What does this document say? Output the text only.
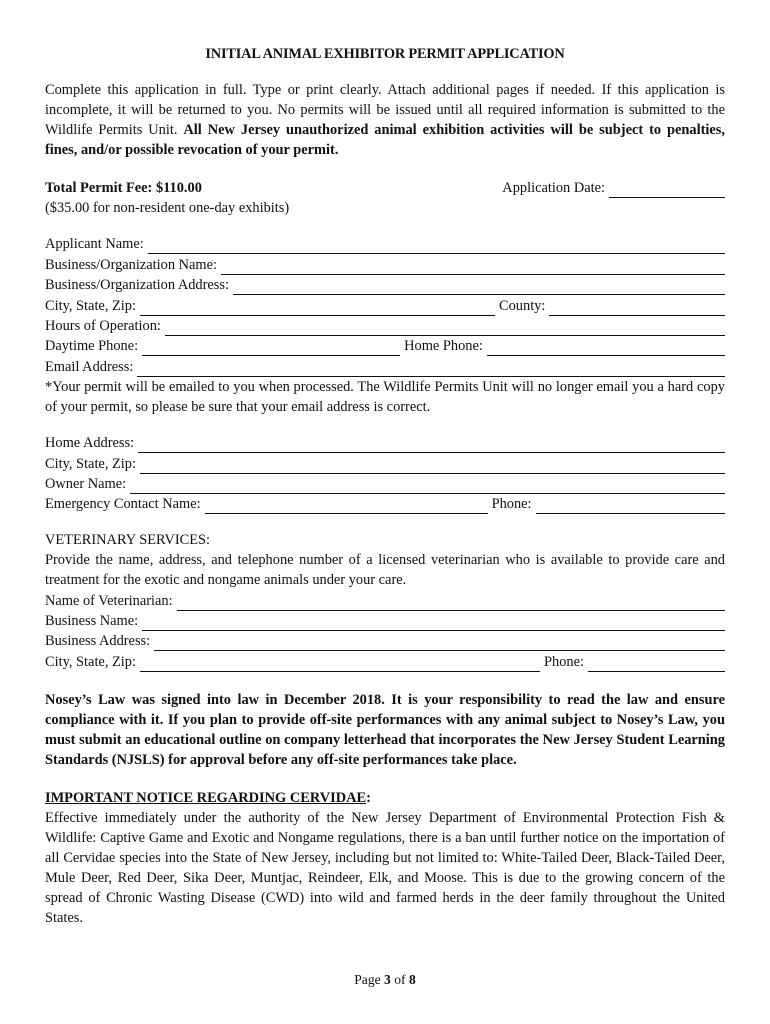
INITIAL ANIMAL EXHIBITOR PERMIT APPLICATION

Complete this application in full. Type or print clearly. Attach additional pages if needed. If this application is incomplete, it will be returned to you. No permits will be issued until all required information is submitted to the Wildlife Permits Unit. All New Jersey unauthorized animal exhibition activities will be subject to penalties, fines, and/or possible revocation of your permit.

Total Permit Fee: $110.00	Application Date:
($35.00 for non-resident one-day exhibits)
Applicant Name:
Business/Organization Name:
Business/Organization Address:
City, State, Zip:	County:
Hours of Operation:
Daytime Phone:	Home Phone:
Email Address:

*Your permit will be emailed to you when processed. The Wildlife Permits Unit will no longer email you a hard copy of your permit, so please be sure that your email address is correct.

Home Address:
City, State, Zip:
Owner Name:
Emergency Contact Name:	Phone:
VETERINARY SERVICES:

Provide the name, address, and telephone number of a licensed veterinarian who is available to provide care and treatment for the exotic and nongame animals under your care.

Name of Veterinarian:
Business Name:
Business Address:
City, State, Zip:	Phone:

Nosey’s Law was signed into law in December 2018. It is your responsibility to read the law and ensure compliance with it. If you plan to provide off-site performances with any animal subject to Nosey’s Law, you must submit an educational outline on company letterhead that incorporates the New Jersey Student Learning Standards (NJSLS) for approval before any off-site performances take place.

IMPORTANT NOTICE REGARDING CERVIDAE:

Effective immediately under the authority of the New Jersey Department of Environmental Protection Fish & Wildlife: Captive Game and Exotic and Nongame regulations, there is a ban until further notice on the importation of all Cervidae species into the State of New Jersey, including but not limited to: White-Tailed Deer, Black-Tailed Deer, Mule Deer, Red Deer, Sika Deer, Muntjac, Reindeer, Elk, and Moose. This is due to the growing concern of the spread of Chronic Wasting Disease (CWD) into wild and farmed herds in the deer family throughout the United States.

Page 3 of 8
